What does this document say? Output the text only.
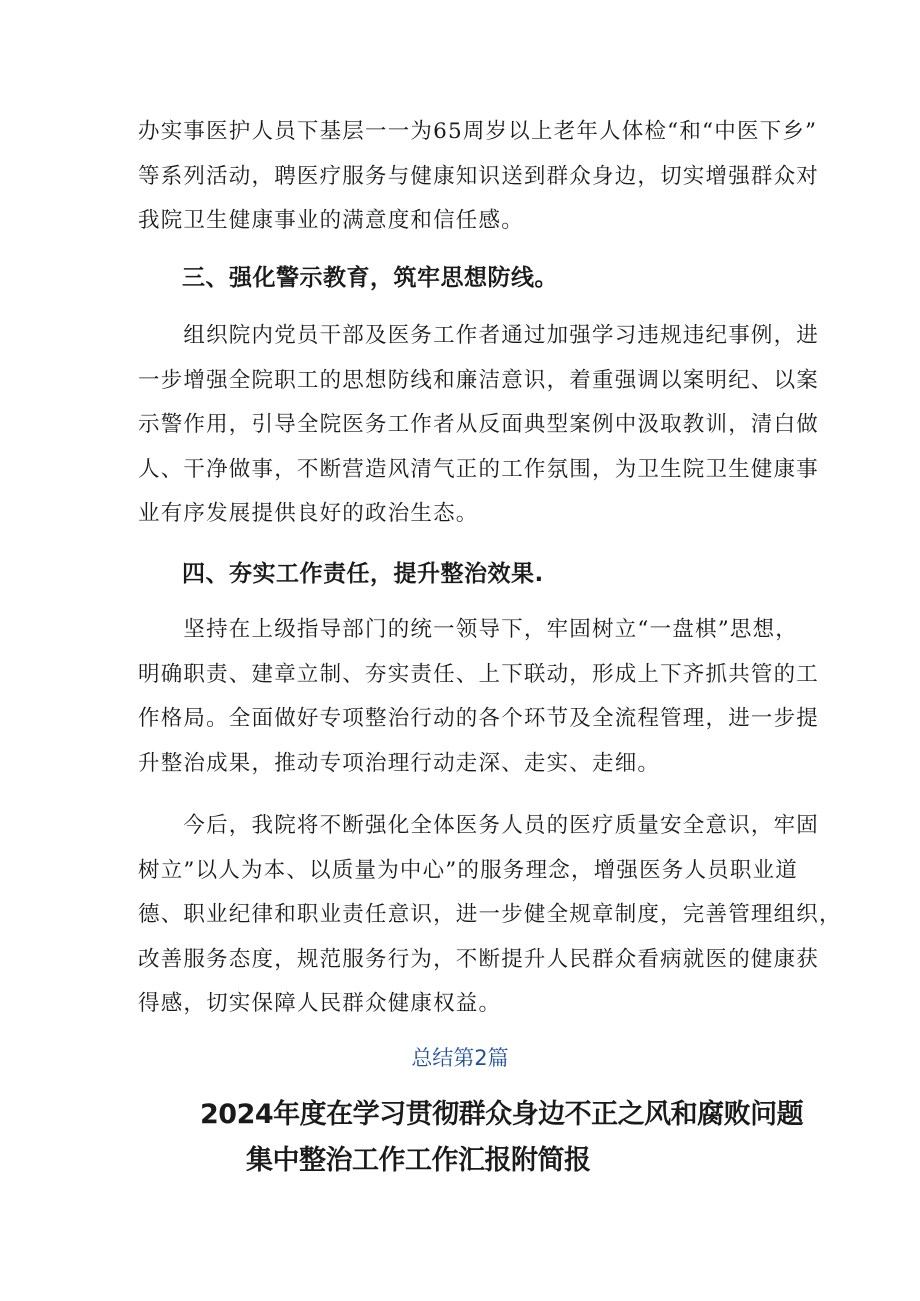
办实事医护人员下基层一一为65周岁以上老年人体检“和“中医下乡”
等系列活动，聘医疗服务与健康知识送到群众身边，切实增强群众对
我院卫生健康事业的满意度和信任感。
三、强化警示教育，筑牢思想防线。
　　组织院内党员干部及医务工作者通过加强学习违规违纪事例，进
一步增强全院职工的思想防线和廉洁意识，着重强调以案明纪、以案
示警作用，引导全院医务工作者从反面典型案例中汲取教训，清白做
人、干净做事，不断营造风清气正的工作氛围，为卫生院卫生健康事
业有序发展提供良好的政治生态。
四、夯实工作责任，提升整治效果.
　　坚持在上级指导部门的统一领导下，牢固树立“一盘棋”思想，
明确职责、建章立制、夯实责任、上下联动，形成上下齐抓共管的工
作格局。全面做好专项整治行动的各个环节及全流程管理，进一步提
升整治成果，推动专项治理行动走深、走实、走细。
　　今后，我院将不断强化全体医务人员的医疗质量安全意识，牢固
树立”以人为本、以质量为中心”的服务理念，增强医务人员职业道
德、职业纪律和职业责任意识，进一步健全规章制度，完善管理组织，
改善服务态度，规范服务行为，不断提升人民群众看病就医的健康获
得感，切实保障人民群众健康权益。
总结第2篇
2024年度在学习贯彻群众身边不正之风和腐败问题
集中整治工作工作汇报附简报
